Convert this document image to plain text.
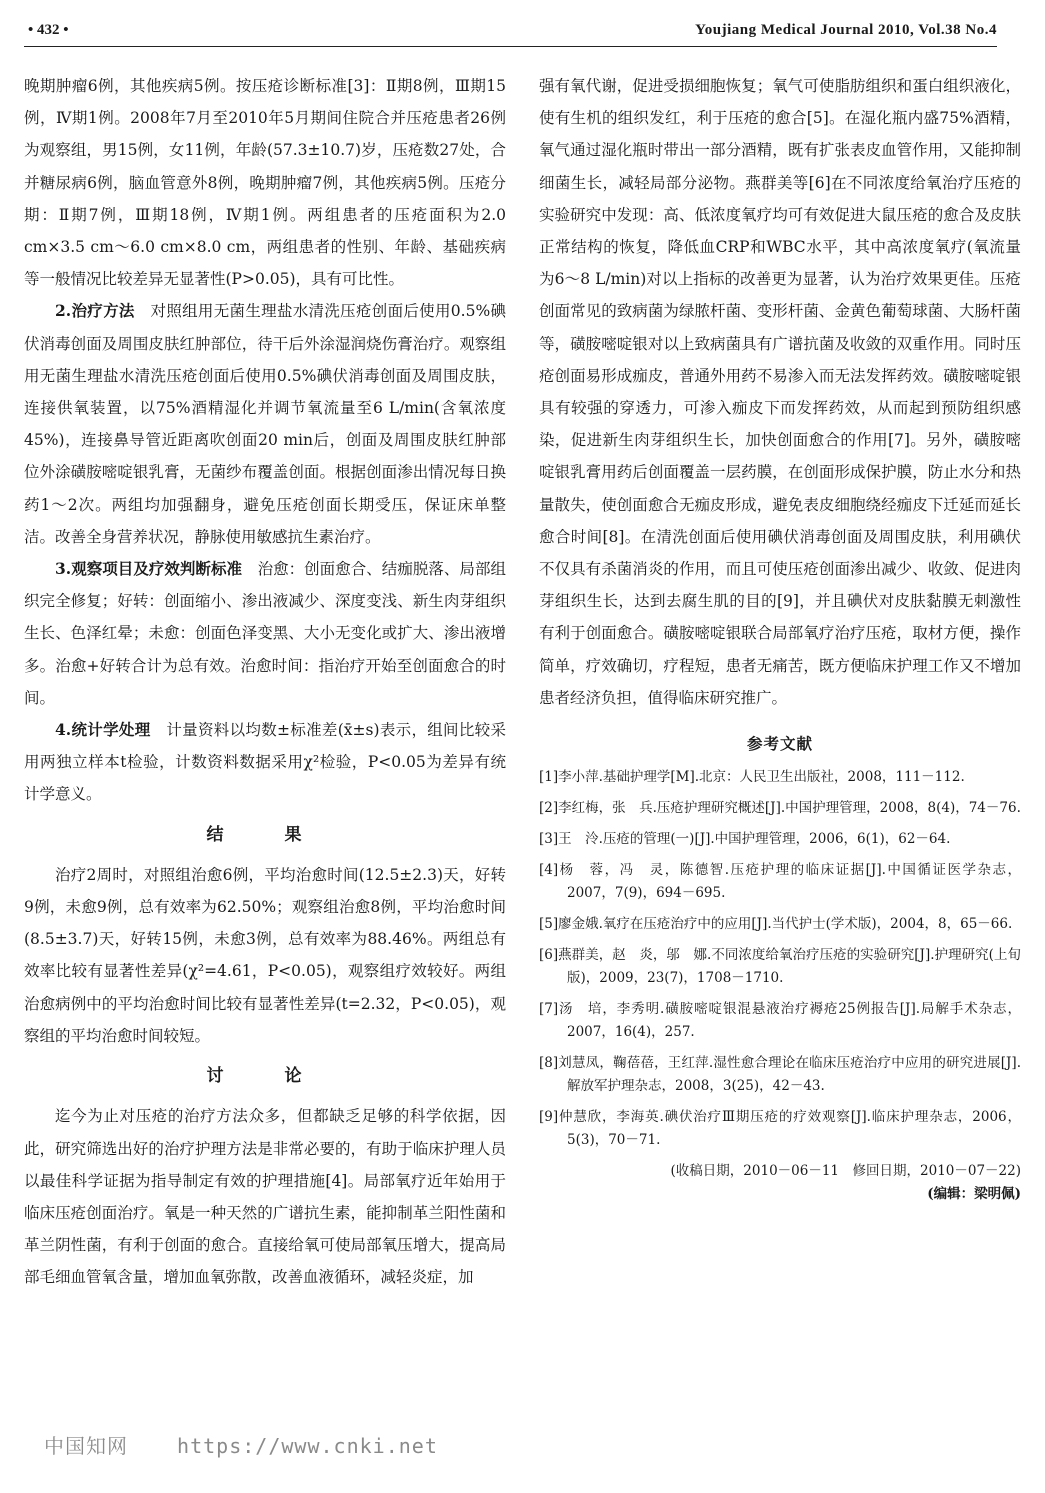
• 432 •	Youjiang Medical Journal 2010, Vol.38 No.4

晚期肿瘤6例，其他疾病5例。按压疮诊断标准[3]：Ⅱ期8例，Ⅲ期15例，Ⅳ期1例。2008年7月至2010年5月期间住院合并压疮患者26例为观察组，男15例，女11例，年龄(57.3±10.7)岁，压疮数27处，合并糖尿病6例，脑血管意外8例，晚期肿瘤7例，其他疾病5例。压疮分期：Ⅱ期7例，Ⅲ期18例，Ⅳ期1例。两组患者的压疮面积为2.0 cm×3.5 cm～6.0 cm×8.0 cm，两组患者的性别、年龄、基础疾病等一般情况比较差异无显著性(P>0.05)，具有可比性。

2.治疗方法　 对照组用无菌生理盐水清洗压疮创面后使用0.5%碘伏消毒创面及周围皮肤红肿部位，待干后外涂湿润烧伤膏治疗。观察组用无菌生理盐水清洗压疮创面后使用0.5%碘伏消毒创面及周围皮肤，连接供氧装置，以75%酒精湿化并调节氧流量至6 L/min(含氧浓度45%)，连接鼻导管近距离吹创面20 min后，创面及周围皮肤红肿部位外涂磺胺嘧啶银乳膏，无菌纱布覆盖创面。根据创面渗出情况每日换药1～2次。两组均加强翻身，避免压疮创面长期受压，保证床单整洁。改善全身营养状况，静脉使用敏感抗生素治疗。

3.观察项目及疗效判断标准　 治愈：创面愈合、结痂脱落、局部组织完全修复；好转：创面缩小、渗出液减少、深度变浅、新生肉芽组织生长、色泽红晕；未愈：创面色泽变黑、大小无变化或扩大、渗出液增多。治愈+好转合计为总有效。治愈时间：指治疗开始至创面愈合的时间。

4.统计学处理　 计量资料以均数±标准差(x̄±s)表示，组间比较采用两独立样本t检验，计数资料数据采用χ²检验，P<0.05为差异有统计学意义。

结　果

治疗2周时，对照组治愈6例，平均治愈时间(12.5±2.3)天，好转9例，未愈9例，总有效率为62.50%；观察组治愈8例，平均治愈时间(8.5±3.7)天，好转15例，未愈3例，总有效率为88.46%。两组总有效率比较有显著性差异(χ²=4.61，P<0.05)，观察组疗效较好。两组治愈病例中的平均治愈时间比较有显著性差异(t=2.32，P<0.05)，观察组的平均治愈时间较短。

讨　论

迄今为止对压疮的治疗方法众多，但都缺乏足够的科学依据，因此，研究筛选出好的治疗护理方法是非常必要的，有助于临床护理人员以最佳科学证据为指导制定有效的护理措施[4]。局部氧疗近年始用于临床压疮创面治疗。氧是一种天然的广谱抗生素，能抑制革兰阳性菌和革兰阴性菌，有利于创面的愈合。直接给氧可使局部氧压增大，提高局部毛细血管氧含量，增加血氧弥散，改善血液循环，减轻炎症，加

强有氧代谢，促进受损细胞恢复；氧气可使脂肪组织和蛋白组织液化，使有生机的组织发红，利于压疮的愈合[5]。在湿化瓶内盛75%酒精，氧气通过湿化瓶时带出一部分酒精，既有扩张表皮血管作用，又能抑制细菌生长，减轻局部分泌物。燕群美等[6]在不同浓度给氧治疗压疮的实验研究中发现：高、低浓度氧疗均可有效促进大鼠压疮的愈合及皮肤正常结构的恢复，降低血CRP和WBC水平，其中高浓度氧疗(氧流量为6～8 L/min)对以上指标的改善更为显著，认为治疗效果更佳。压疮创面常见的致病菌为绿脓杆菌、变形杆菌、金黄色葡萄球菌、大肠杆菌等，磺胺嘧啶银对以上致病菌具有广谱抗菌及收敛的双重作用。同时压疮创面易形成痂皮，普通外用药不易渗入而无法发挥药效。磺胺嘧啶银具有较强的穿透力，可渗入痂皮下而发挥药效，从而起到预防组织感染，促进新生肉芽组织生长，加快创面愈合的作用[7]。另外，磺胺嘧啶银乳膏用药后创面覆盖一层药膜，在创面形成保护膜，防止水分和热量散失，使创面愈合无痂皮形成，避免表皮细胞绕经痂皮下迁延而延长愈合时间[8]。在清洗创面后使用碘伏消毒创面及周围皮肤，利用碘伏不仅具有杀菌消炎的作用，而且可使压疮创面渗出减少、收敛、促进肉芽组织生长，达到去腐生肌的目的[9]，并且碘伏对皮肤黏膜无刺激性有利于创面愈合。磺胺嘧啶银联合局部氧疗治疗压疮，取材方便，操作简单，疗效确切，疗程短，患者无痛苦，既方便临床护理工作又不增加患者经济负担，值得临床研究推广。

参考文献
[1]李小萍.基础护理学[M].北京：人民卫生出版社，2008，111－112.
[2]李红梅，张　兵.压疮护理研究概述[J].中国护理管理，2008，8(4)，74－76.
[3]王　泠.压疮的管理(一)[J].中国护理管理，2006，6(1)，62－64.
[4]杨　蓉，冯　灵，陈德智.压疮护理的临床证据[J].中国循证医学杂志，2007，7(9)，694－695.
[5]廖金娥.氧疗在压疮治疗中的应用[J].当代护士(学术版)，2004，8，65－66.
[6]燕群美，赵　炎，邬　娜.不同浓度给氧治疗压疮的实验研究[J].护理研究(上旬版)，2009，23(7)，1708－1710.
[7]汤　培，李秀明.磺胺嘧啶银混悬液治疗褥疮25例报告[J].局解手术杂志，2007，16(4)，257.
[8]刘慧凤，鞠蓓蓓，王红萍.湿性愈合理论在临床压疮治疗中应用的研究进展[J].解放军护理杂志，2008，3(25)，42－43.
[9]仲慧欣，李海英.碘伏治疗Ⅲ期压疮的疗效观察[J].临床护理杂志，2006，5(3)，70－71.
(收稿日期，2010－06－11　修回日期，2010－07－22)
(编辑：梁明佩)
中国知网 https://www.cnki.net
